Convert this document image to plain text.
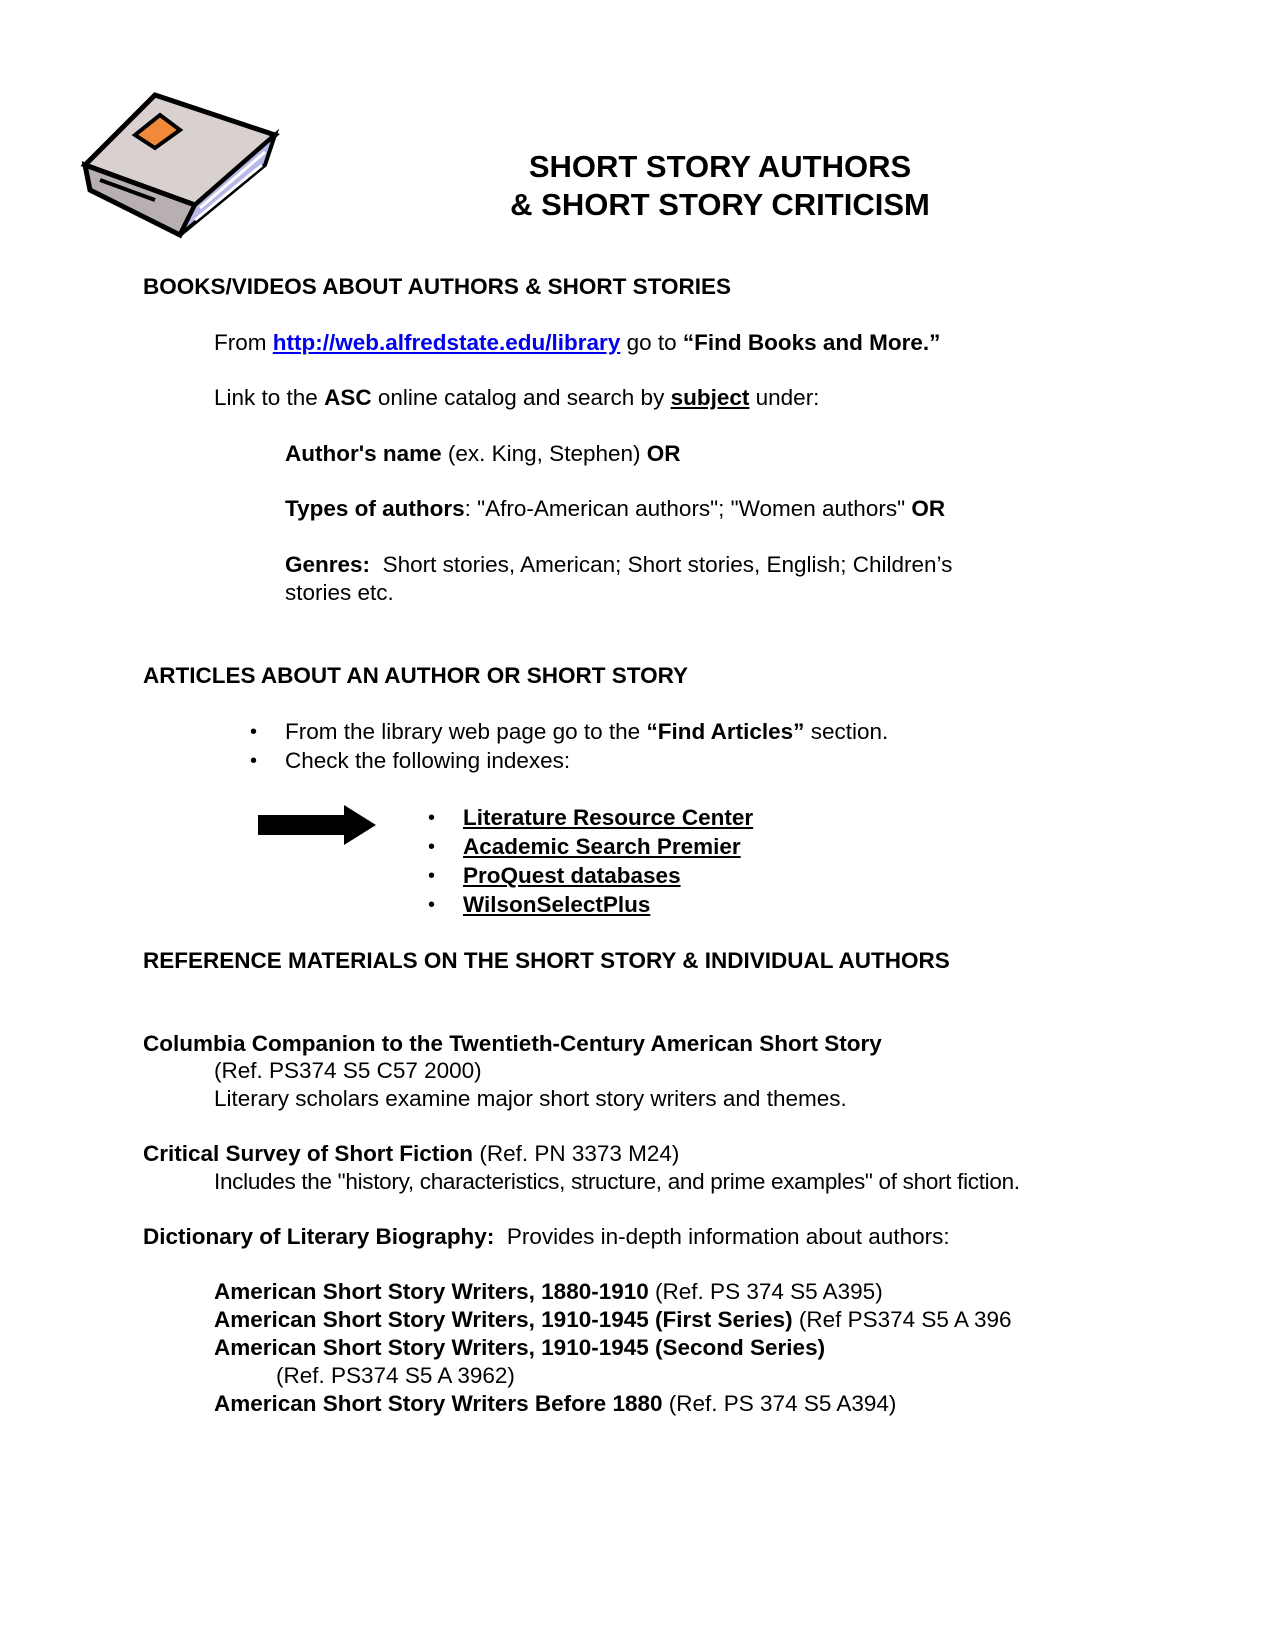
SHORT STORY AUTHORS
& SHORT STORY CRITICISM
BOOKS/VIDEOS ABOUT AUTHORS & SHORT STORIES
From http://web.alfredstate.edu/library go to “Find Books and More.”
Link to the ASC online catalog and search by subject under:
Author's name (ex. King, Stephen) OR
Types of authors: "Afro-American authors"; "Women authors" OR
Genres: Short stories, American; Short stories, English; Children’s
stories etc.
ARTICLES ABOUT AN AUTHOR OR SHORT STORY
• From the library web page go to the “Find Articles” section.
• Check the following indexes:
• Literature Resource Center
• Academic Search Premier
• ProQuest databases
• WilsonSelectPlus
REFERENCE MATERIALS ON THE SHORT STORY & INDIVIDUAL AUTHORS
Columbia Companion to the Twentieth-Century American Short Story
(Ref. PS374 S5 C57 2000)
Literary scholars examine major short story writers and themes.
Critical Survey of Short Fiction (Ref. PN 3373 M24)
Includes the "history, characteristics, structure, and prime examples" of short fiction.
Dictionary of Literary Biography: Provides in-depth information about authors:
American Short Story Writers, 1880-1910 (Ref. PS 374 S5 A395)
American Short Story Writers, 1910-1945 (First Series) (Ref PS374 S5 A 396
American Short Story Writers, 1910-1945 (Second Series)
(Ref. PS374 S5 A 3962)
American Short Story Writers Before 1880 (Ref. PS 374 S5 A394)
